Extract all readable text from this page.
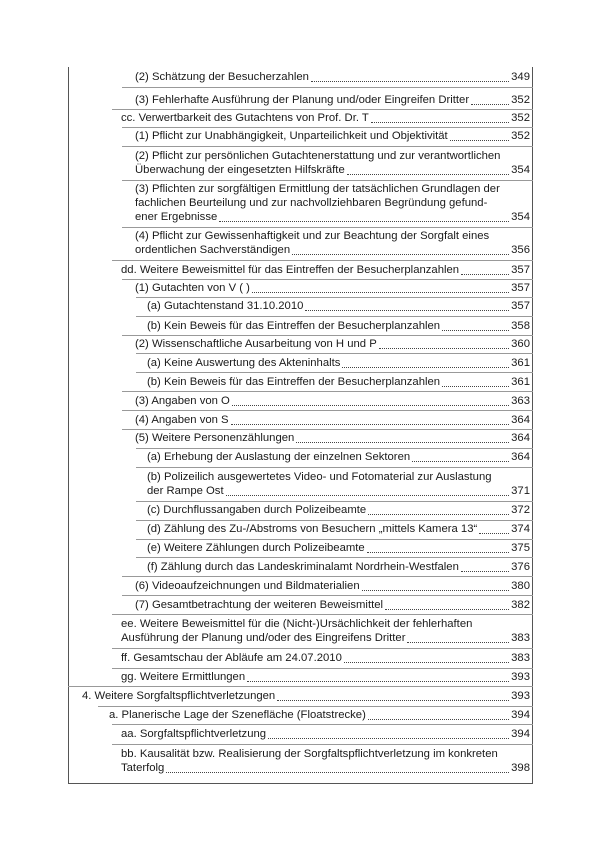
(2) Schätzung der Besucherzahlen	349
(3) Fehlerhafte Ausführung der Planung und/oder Eingreifen Dritter	352
cc. Verwertbarkeit des Gutachtens von Prof. Dr. T	352
(1) Pflicht zur Unabhängigkeit, Unparteilichkeit und Objektivität	352
(2) Pflicht zur persönlichen Gutachtenerstattung und zur verantwortlichen
Überwachung der eingesetzten Hilfskräfte	354
(3) Pflichten zur sorgfältigen Ermittlung der tatsächlichen Grundlagen der
fachlichen Beurteilung und zur nachvollziehbaren Begründung gefund-
ener Ergebnisse	354
(4) Pflicht zur Gewissenhaftigkeit und zur Beachtung der Sorgfalt eines
ordentlichen Sachverständigen	356
dd. Weitere Beweismittel für das Eintreffen der Besucherplanzahlen	357
(1) Gutachten von V ( )	357
(a) Gutachtenstand 31.10.2010	357
(b) Kein Beweis für das Eintreffen der Besucherplanzahlen	358
(2) Wissenschaftliche Ausarbeitung von H und P	360
(a) Keine Auswertung des Akteninhalts	361
(b) Kein Beweis für das Eintreffen der Besucherplanzahlen	361
(3) Angaben von O	363
(4) Angaben von S	364
(5) Weitere Personenzählungen	364
(a) Erhebung der Auslastung der einzelnen Sektoren	364
(b) Polizeilich ausgewertetes Video- und Fotomaterial zur Auslastung
der Rampe Ost	371
(c) Durchflussangaben durch Polizeibeamte	372
(d) Zählung des Zu-/Abstroms von Besuchern „mittels Kamera 13“	374
(e) Weitere Zählungen durch Polizeibeamte	375
(f) Zählung durch das Landeskriminalamt Nordrhein-Westfalen	376
(6) Videoaufzeichnungen und Bildmaterialien	380
(7) Gesamtbetrachtung der weiteren Beweismittel	382
ee. Weitere Beweismittel für die (Nicht-)Ursächlichkeit der fehlerhaften
Ausführung der Planung und/oder des Eingreifens Dritter	383
ff. Gesamtschau der Abläufe am 24.07.2010	383
gg. Weitere Ermittlungen	393
4. Weitere Sorgfaltspflichtverletzungen	393
a. Planerische Lage der Szenefläche (Floatstrecke)	394
aa. Sorgfaltspflichtverletzung	394
bb. Kausalität bzw. Realisierung der Sorgfaltspflichtverletzung im konkreten
Taterfolg	398
